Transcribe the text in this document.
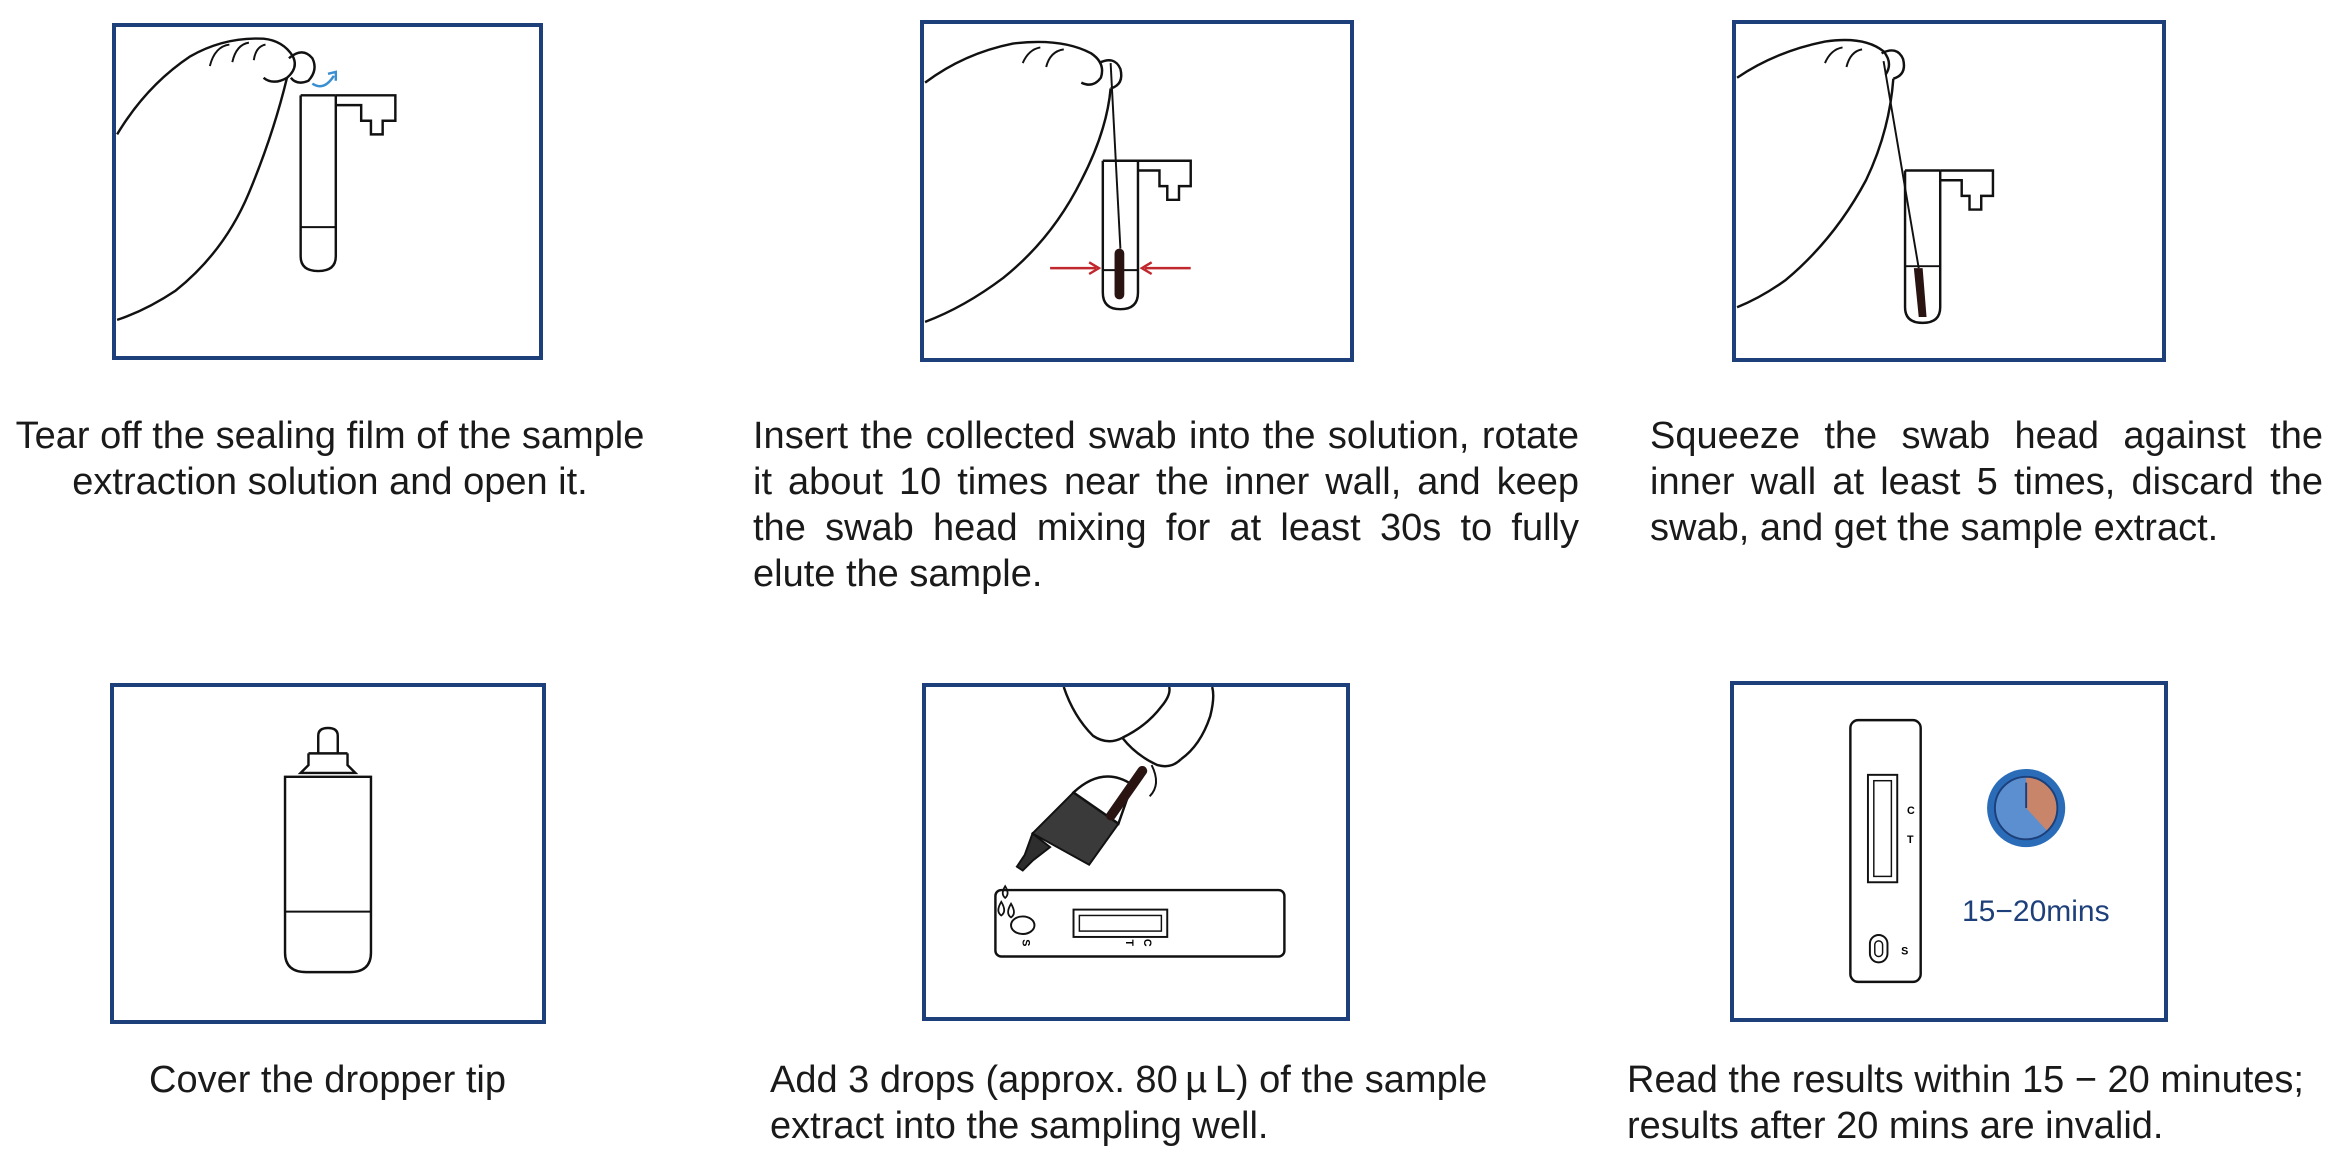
Tear off the sealing film of the sample
extraction solution and open it.
Insert the collected swab into the solution, rotate
it about 10 times near the inner wall, and keep
the swab head mixing for at least 30s to fully
elute the sample.
Squeeze the swab head against the
inner wall at least 5 times, discard the
swab, and get the sample extract.
Cover the dropper tip
S	T C
Add 3 drops (approx. 80 µ L) of the sample
extract into the sampling well.
C
T
S
15−20mins
Read the results within 15 − 20 minutes;
results after 20 mins are invalid.
